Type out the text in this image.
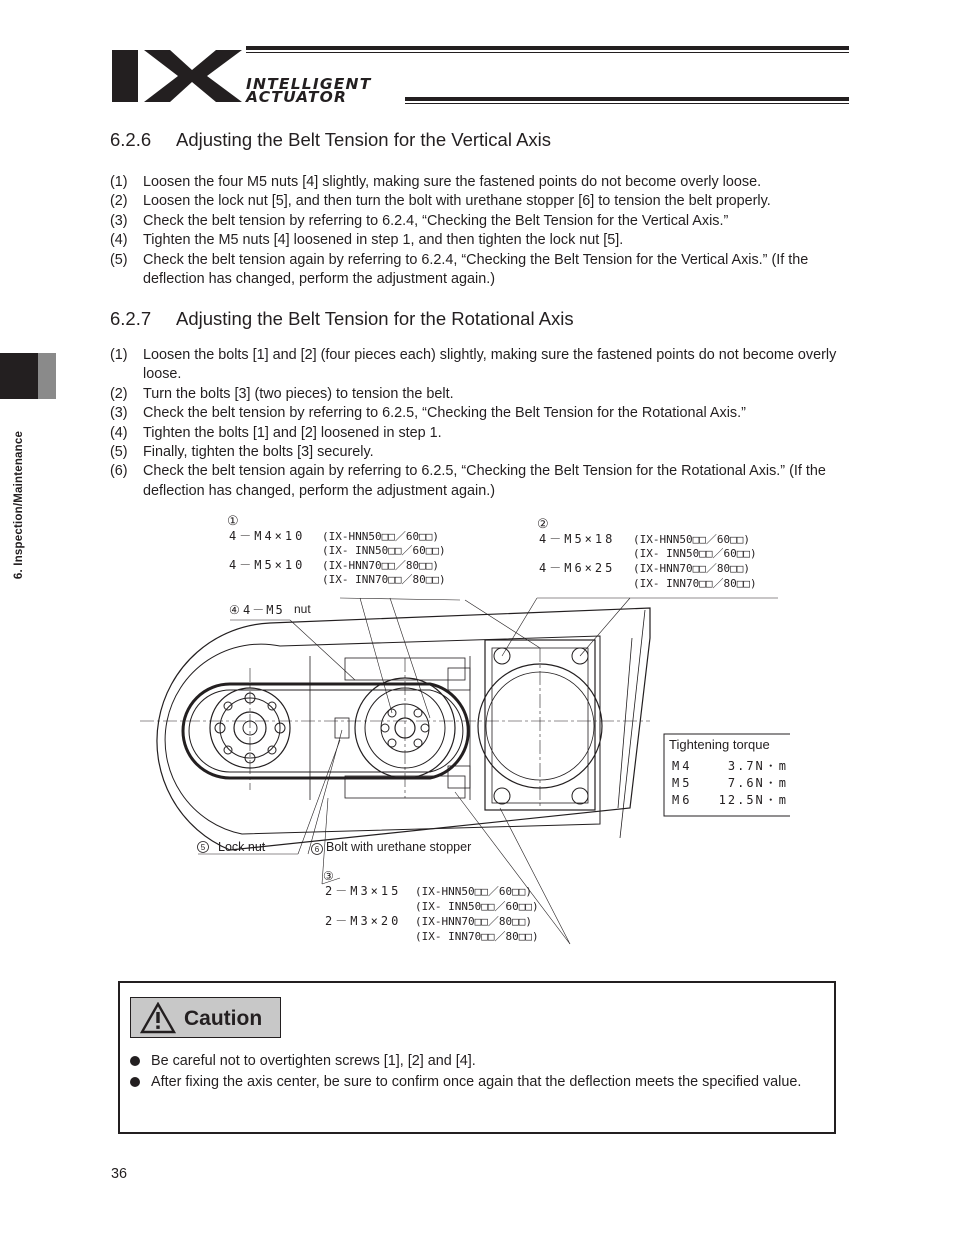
INTELLIGENT
ACTUATOR
6. Inspection/Maintenance
6.2.6 Adjusting the Belt Tension for the Vertical Axis
(1) Loosen the four M5 nuts [4] slightly, making sure the fastened points do not become overly loose.
(2) Loosen the lock nut [5], and then turn the bolt with urethane stopper [6] to tension the belt properly.
(3) Check the belt tension by referring to 6.2.4, “Checking the Belt Tension for the Vertical Axis.”
(4) Tighten the M5 nuts [4] loosened in step 1, and then tighten the lock nut [5].
(5) Check the belt tension again by referring to 6.2.4, “Checking the Belt Tension for the Vertical Axis.” (If the deflection has changed, perform the adjustment again.)
6.2.7 Adjusting the Belt Tension for the Rotational Axis
(1) Loosen the bolts [1] and [2] (four pieces each) slightly, making sure the fastened points do not become overly loose.
(2) Turn the bolts [3] (two pieces) to tension the belt.
(3) Check the belt tension by referring to 6.2.5, “Checking the Belt Tension for the Rotational Axis.”
(4) Tighten the bolts [1] and [2] loosened in step 1.
(5) Finally, tighten the bolts [3] securely.
(6) Check the belt tension again by referring to 6.2.5, “Checking the Belt Tension for the Rotational Axis.” (If the deflection has changed, perform the adjustment again.)
①
4－M4×10 (IX-HNN50□□／60□□)
(IX- INN50□□／60□□)
4－M5×10 (IX-HNN70□□／80□□)
(IX- INN70□□／80□□)
②
4－M5×18 (IX-HNN50□□／60□□)
(IX- INN50□□／60□□)
4－M6×25 (IX-HNN70□□／80□□)
(IX- INN70□□／80□□)
④ 4－M5 nut
5 Lock nut	6 Bolt with urethane stopper
③
2－M3×15 (IX-HNN50□□／60□□)
(IX- INN50□□／60□□)
2－M3×20 (IX-HNN70□□／80□□)
(IX- INN70□□／80□□)
Tightening torque
M4	3.7N・m
M5	7.6N・m
M6 12.5N・m
Caution
Be careful not to overtighten screws [1], [2] and [4].
After fixing the axis center, be sure to confirm once again that the deflection meets the specified value.
36
